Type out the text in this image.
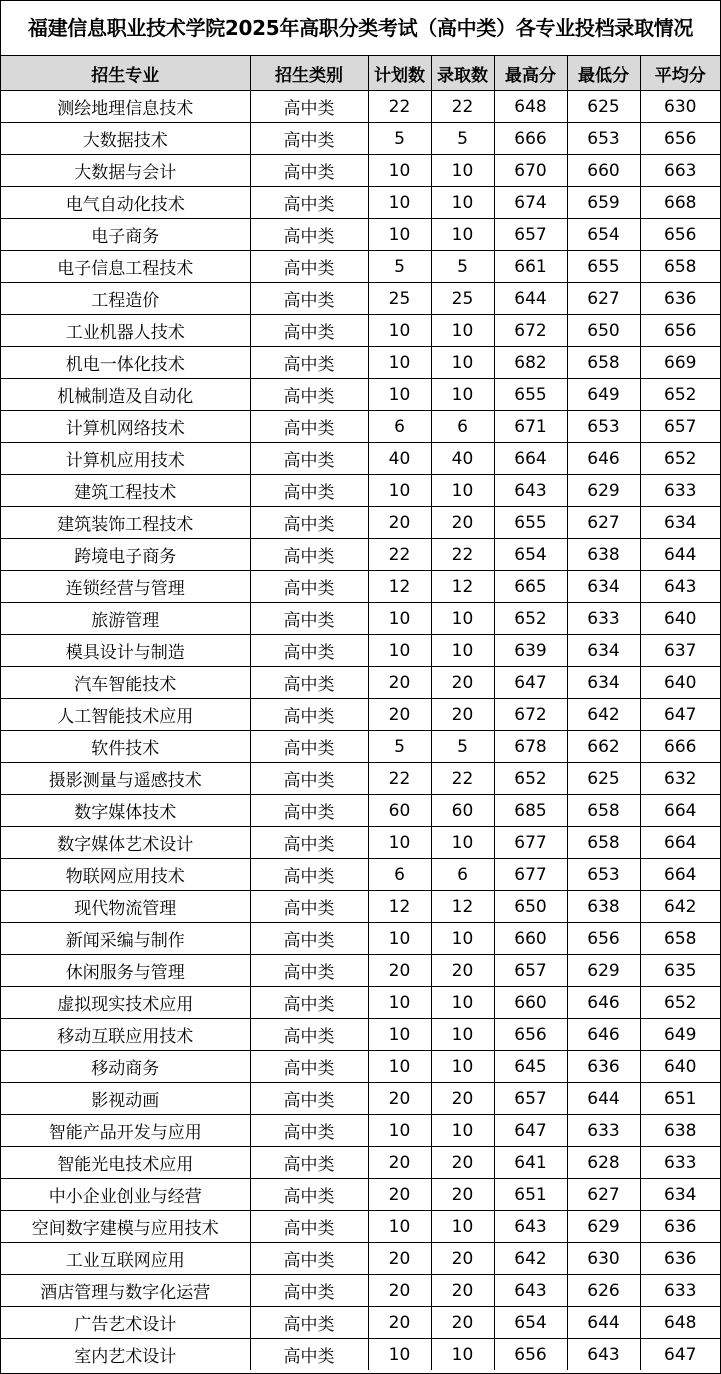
福建信息职业技术学院2025年高职分类考试（高中类）各专业投档录取情况
招生专业	招生类别	计划数	录取数	最高分	最低分	平均分
测绘地理信息技术	高中类	22	22	648	625	630
大数据技术	高中类	5	5	666	653	656
大数据与会计	高中类	10	10	670	660	663
电气自动化技术	高中类	10	10	674	659	668
电子商务	高中类	10	10	657	654	656
电子信息工程技术	高中类	5	5	661	655	658
工程造价	高中类	25	25	644	627	636
工业机器人技术	高中类	10	10	672	650	656
机电一体化技术	高中类	10	10	682	658	669
机械制造及自动化	高中类	10	10	655	649	652
计算机网络技术	高中类	6	6	671	653	657
计算机应用技术	高中类	40	40	664	646	652
建筑工程技术	高中类	10	10	643	629	633
建筑装饰工程技术	高中类	20	20	655	627	634
跨境电子商务	高中类	22	22	654	638	644
连锁经营与管理	高中类	12	12	665	634	643
旅游管理	高中类	10	10	652	633	640
模具设计与制造	高中类	10	10	639	634	637
汽车智能技术	高中类	20	20	647	634	640
人工智能技术应用	高中类	20	20	672	642	647
软件技术	高中类	5	5	678	662	666
摄影测量与遥感技术	高中类	22	22	652	625	632
数字媒体技术	高中类	60	60	685	658	664
数字媒体艺术设计	高中类	10	10	677	658	664
物联网应用技术	高中类	6	6	677	653	664
现代物流管理	高中类	12	12	650	638	642
新闻采编与制作	高中类	10	10	660	656	658
休闲服务与管理	高中类	20	20	657	629	635
虚拟现实技术应用	高中类	10	10	660	646	652
移动互联应用技术	高中类	10	10	656	646	649
移动商务	高中类	10	10	645	636	640
影视动画	高中类	20	20	657	644	651
智能产品开发与应用	高中类	10	10	647	633	638
智能光电技术应用	高中类	20	20	641	628	633
中小企业创业与经营	高中类	20	20	651	627	634
空间数字建模与应用技术	高中类	10	10	643	629	636
工业互联网应用	高中类	20	20	642	630	636
酒店管理与数字化运营	高中类	20	20	643	626	633
广告艺术设计	高中类	20	20	654	644	648
室内艺术设计	高中类	10	10	656	643	647
